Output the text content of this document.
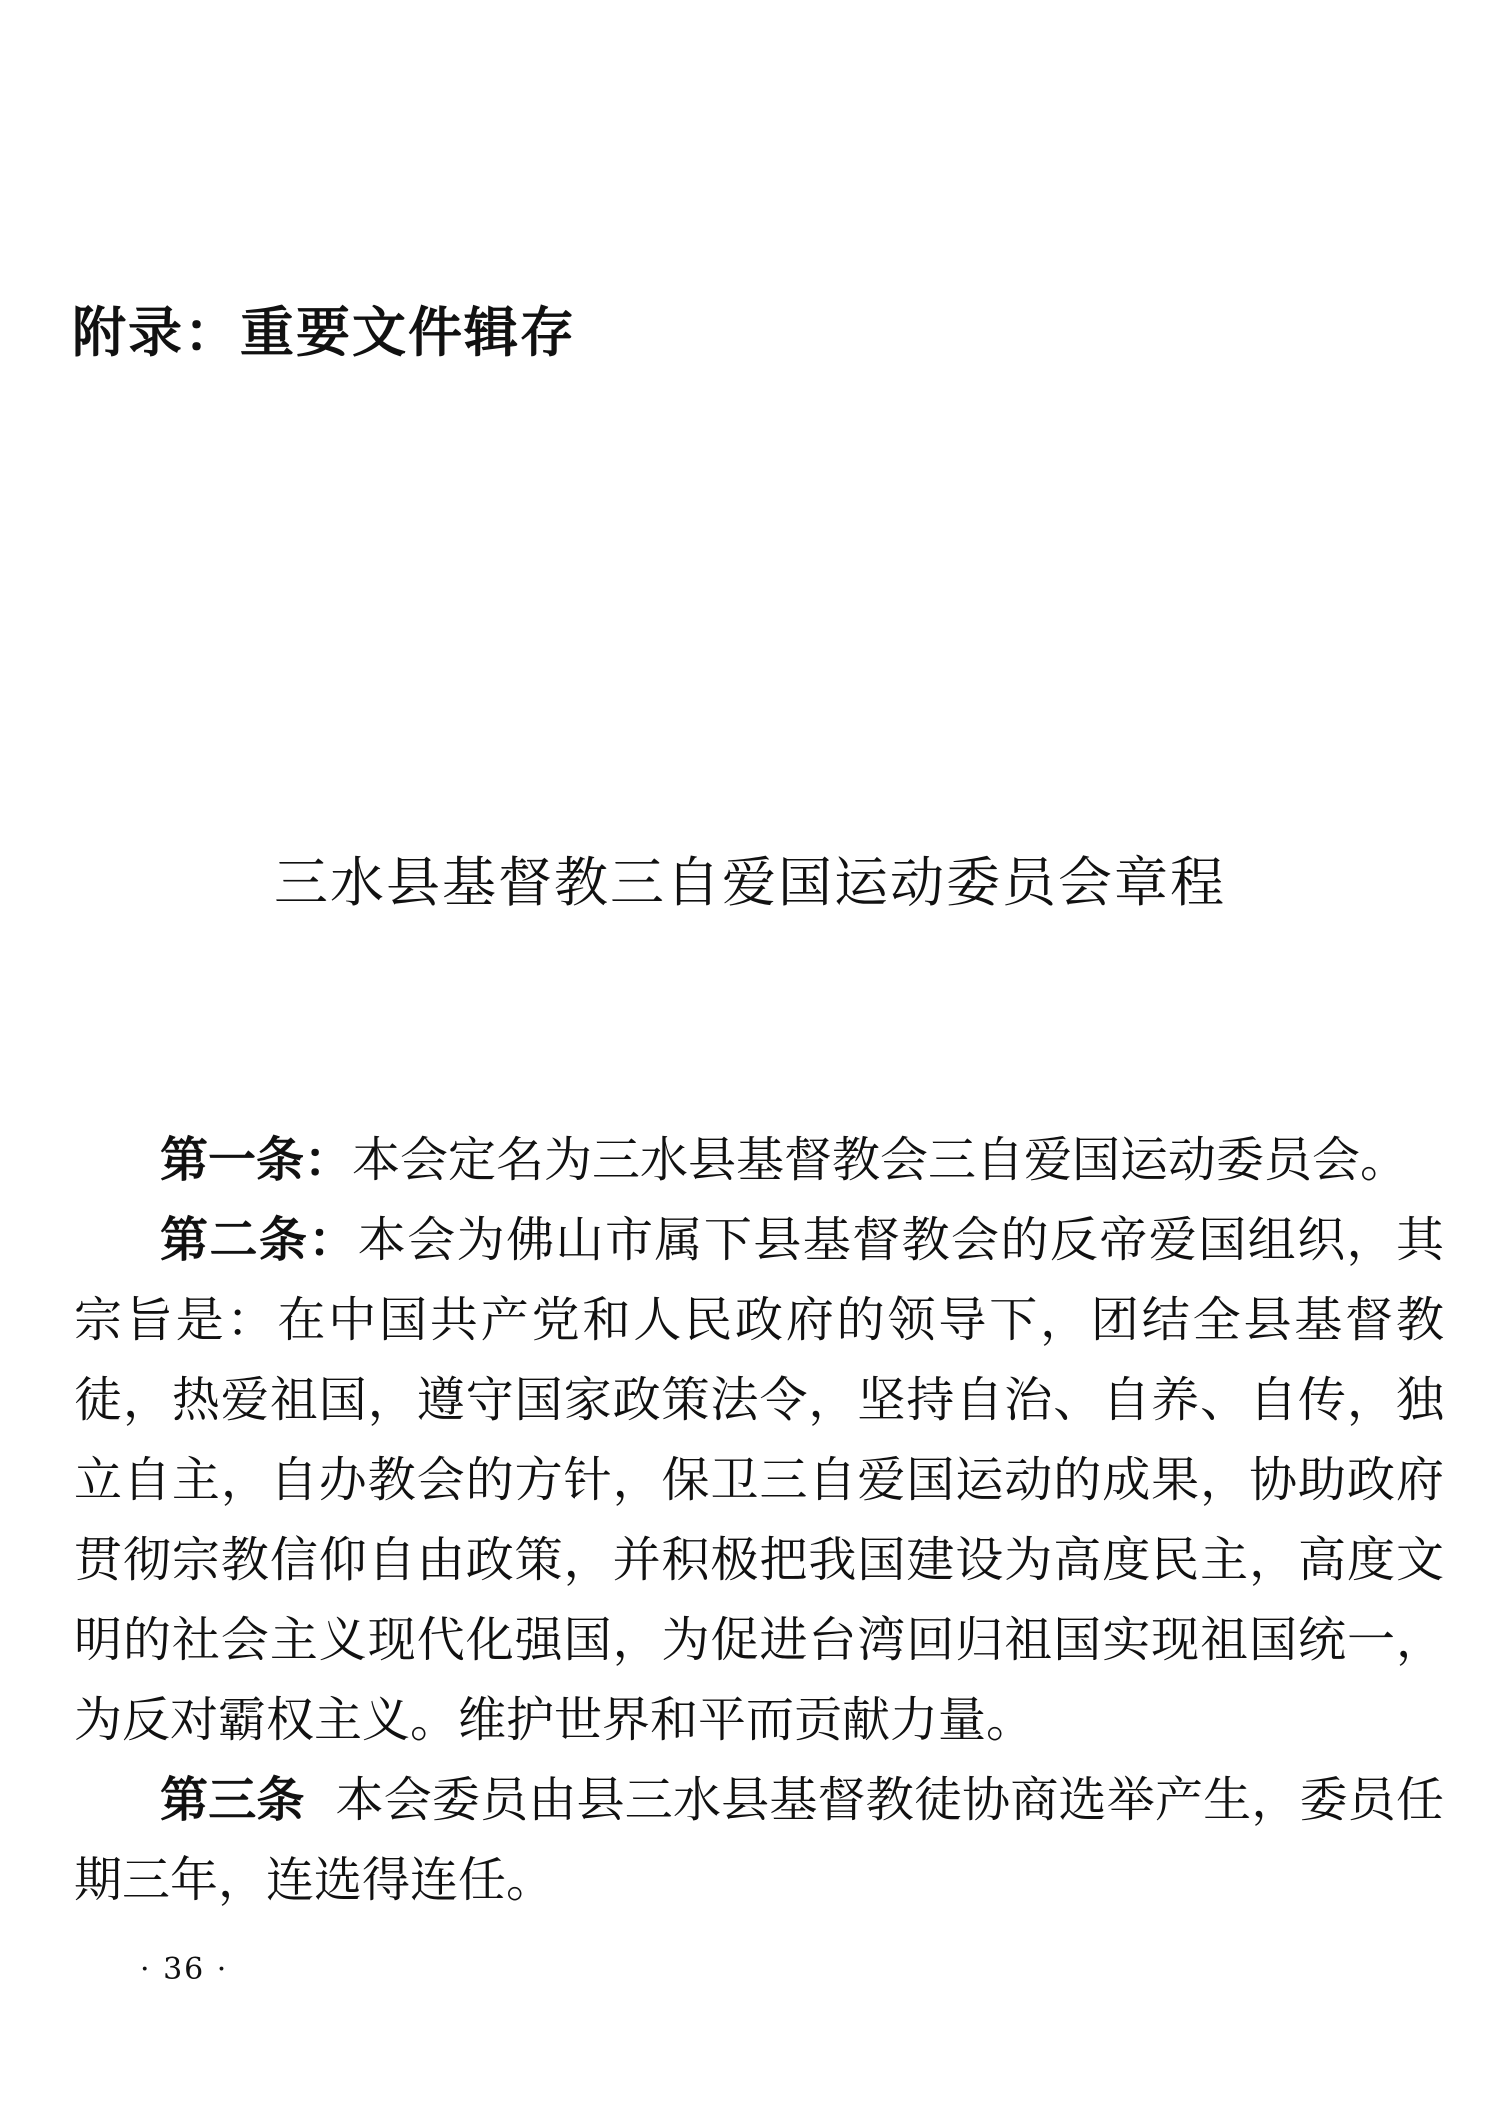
附录：重要文件辑存
三水县基督教三自爱国运动委员会章程

第一条：本会定名为三水县基督教会三自爱国运动委员会。

第二条：本会为佛山市属下县基督教会的反帝爱国组织，其宗旨是：在中国共产党和人民政府的领导下，团结全县基督教徒，热爱祖国，遵守国家政策法令，坚持自治、自养、自传，独立自主，自办教会的方针，保卫三自爱国运动的成果，协助政府贯彻宗教信仰自由政策，并积极把我国建设为高度民主，高度文明的社会主义现代化强国，为促进台湾回归祖国实现祖国统一，为反对霸权主义。维护世界和平而贡献力量。

第三条 本会委员由县三水县基督教徒协商选举产生，委员任期三年，连选得连任。

· 36 ·
